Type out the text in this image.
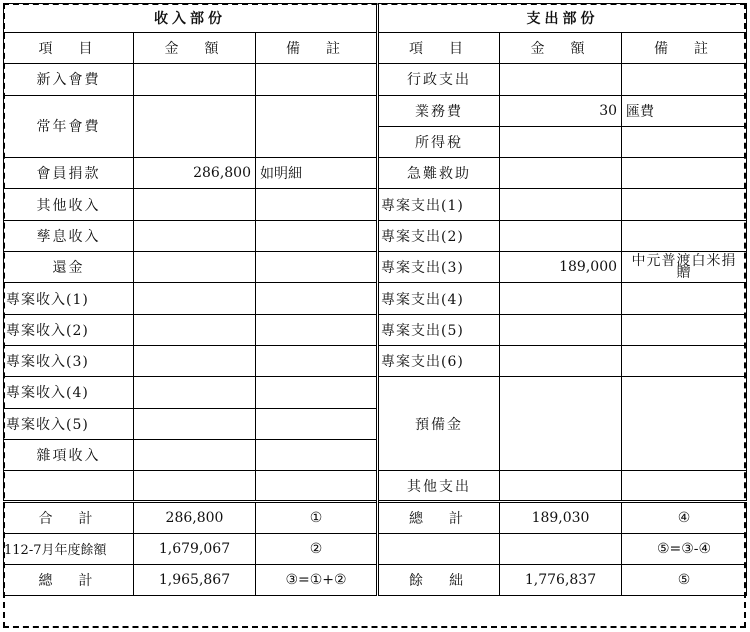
收入部份			支出部份		
項　目	金　額	備　註	項　目	金　額	備　註
新入會費			行政支出		
常年會費			業務費	30	匯費
			所得稅		
會員捐款	286,800	如明細	急難救助		
其他收入			專案支出(1)		
孳息收入			專案支出(2)		
還金			專案支出(3)	189,000	中元普渡白米捐贈
專案收入(1)			專案支出(4)		
專案收入(2)			專案支出(5)		
專案收入(3)			專案支出(6)		
專案收入(4)			預備金		
專案收入(5)					
雜項收入					
			其他支出		
合　計	286,800	①	總　計	189,030	④
112-7月年度餘額	1,679,067	②			⑤=③-④
總　計	1,965,867	③=①+②	餘　絀	1,776,837	⑤
